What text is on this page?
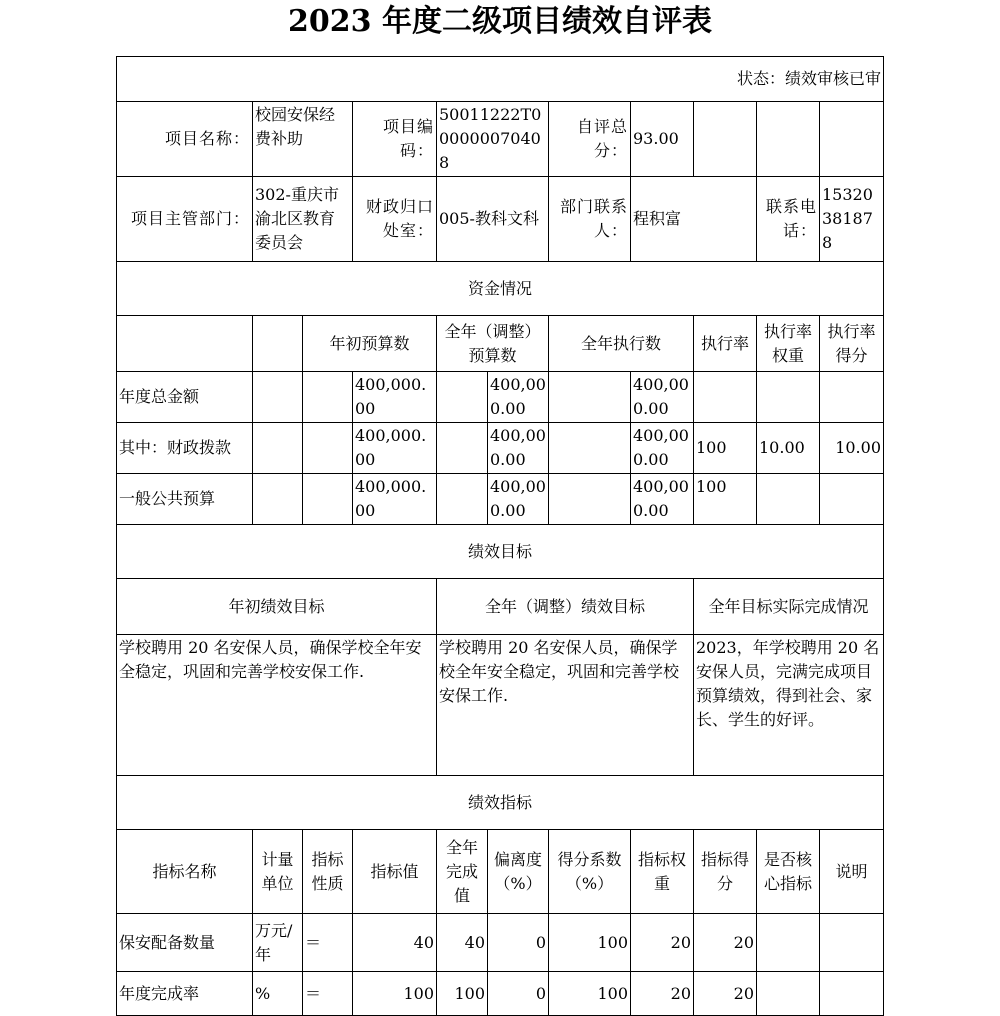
2023 年度二级项目绩效自评表
状态：绩效审核已审										
项目名称：	校园安保经费补助		项目编码：	50011222T000000070408		自评总分：	93.00			
项目主管部门：	302-重庆市渝北区教育委员会		财政归口处室：	005-教科文科		部门联系人：	程积富		联系电话：	15320381878
资金情况										
		年初预算数		全年（调整）预算数		全年执行数		执行率	执行率权重	执行率得分
年度总金额			400,000.00		400,000.00		400,000.00			
其中：财政拨款			400,000.00		400,000.00		400,000.00	100	10.00	10.00
一般公共预算			400,000.00		400,000.00		400,000.00	100		
绩效目标										
年初绩效目标				全年（调整）绩效目标				全年目标实际完成情况		
学校聘用 20 名安保人员，确保学校全年安全稳定，巩固和完善学校安保工作.				学校聘用 20 名安保人员，确保学校全年安全稳定，巩固和完善学校安保工作.				2023，年学校聘用 20 名安保人员，完满完成项目预算绩效，得到社会、家长、学生的好评。		
绩效指标										
指标名称	计量单位	指标性质	指标值	全年完成值	偏离度（%）	得分系数（%）	指标权重	指标得分	是否核心指标	说明
保安配备数量	万元/年	＝	40	40	0	100	20	20		
年度完成率	%	＝	100	100	0	100	20	20		
